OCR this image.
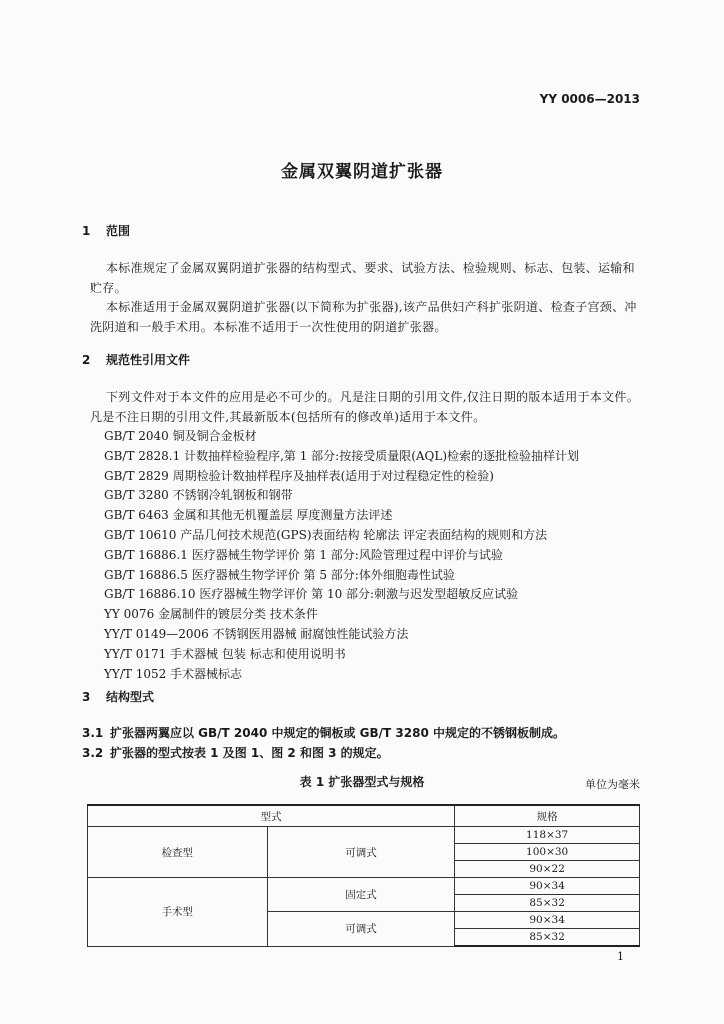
YY 0006—2013
金属双翼阴道扩张器
1 范围
本标准规定了金属双翼阴道扩张器的结构型式、要求、试验方法、检验规则、标志、包装、运输和贮存。
本标准适用于金属双翼阴道扩张器(以下简称为扩张器),该产品供妇产科扩张阴道、检查子宫颈、冲洗阴道和一般手术用。本标准不适用于一次性使用的阴道扩张器。
2 规范性引用文件
下列文件对于本文件的应用是必不可少的。凡是注日期的引用文件,仅注日期的版本适用于本文件。凡是不注日期的引用文件,其最新版本(包括所有的修改单)适用于本文件。
GB/T 2040 铜及铜合金板材
GB/T 2828.1 计数抽样检验程序,第 1 部分:按接受质量限(AQL)检索的逐批检验抽样计划
GB/T 2829 周期检验计数抽样程序及抽样表(适用于对过程稳定性的检验)
GB/T 3280 不锈钢冷轧钢板和钢带
GB/T 6463 金属和其他无机覆盖层 厚度测量方法评述
GB/T 10610 产品几何技术规范(GPS)表面结构 轮廓法 评定表面结构的规则和方法
GB/T 16886.1 医疗器械生物学评价 第 1 部分:风险管理过程中评价与试验
GB/T 16886.5 医疗器械生物学评价 第 5 部分:体外细胞毒性试验
GB/T 16886.10 医疗器械生物学评价 第 10 部分:刺激与迟发型超敏反应试验
YY 0076 金属制件的镀层分类 技术条件
YY/T 0149—2006 不锈钢医用器械 耐腐蚀性能试验方法
YY/T 0171 手术器械 包装 标志和使用说明书
YY/T 1052 手术器械标志
3 结构型式
3.1 扩张器两翼应以 GB/T 2040 中规定的铜板或 GB/T 3280 中规定的不锈钢板制成。
3.2 扩张器的型式按表 1 及图 1、图 2 和图 3 的规定。
表 1 扩张器型式与规格	单位为毫米
型式		规格
检查型	可调式	118×37
		100×30
		90×22
手术型	固定式	90×34
		85×32
	可调式	90×34
		85×32
1
